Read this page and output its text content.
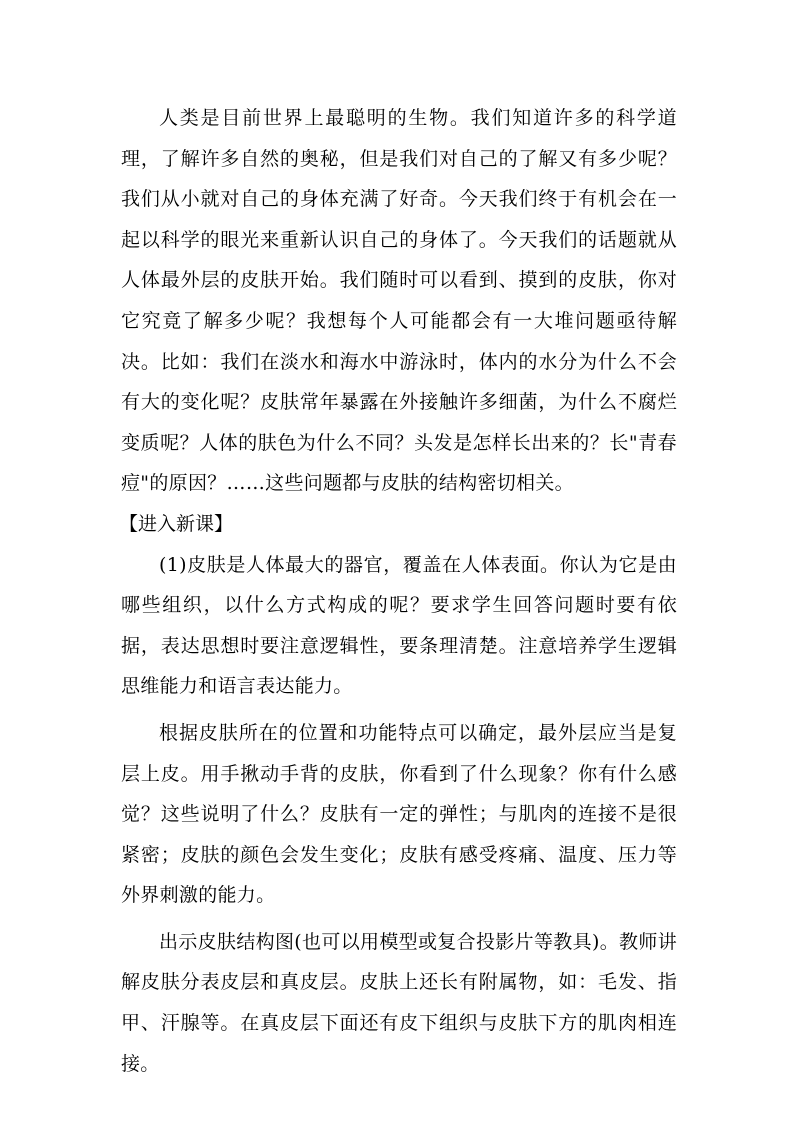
人类是目前世界上最聪明的生物。我们知道许多的科学道理，了解许多自然的奥秘，但是我们对自己的了解又有多少呢？我们从小就对自己的身体充满了好奇。今天我们终于有机会在一起以科学的眼光来重新认识自己的身体了。今天我们的话题就从人体最外层的皮肤开始。我们随时可以看到、摸到的皮肤，你对它究竟了解多少呢？我想每个人可能都会有一大堆问题亟待解决。比如：我们在淡水和海水中游泳时，体内的水分为什么不会有大的变化呢？皮肤常年暴露在外接触许多细菌，为什么不腐烂变质呢？人体的肤色为什么不同？头发是怎样长出来的？长"青春痘"的原因？……这些问题都与皮肤的结构密切相关。

【进入新课】

(1)皮肤是人体最大的器官，覆盖在人体表面。你认为它是由哪些组织，以什么方式构成的呢？要求学生回答问题时要有依据，表达思想时要注意逻辑性，要条理清楚。注意培养学生逻辑思维能力和语言表达能力。

根据皮肤所在的位置和功能特点可以确定，最外层应当是复层上皮。用手揪动手背的皮肤，你看到了什么现象？你有什么感觉？这些说明了什么？皮肤有一定的弹性；与肌肉的连接不是很紧密；皮肤的颜色会发生变化；皮肤有感受疼痛、温度、压力等外界刺激的能力。

出示皮肤结构图(也可以用模型或复合投影片等教具)。教师讲解皮肤分表皮层和真皮层。皮肤上还长有附属物，如：毛发、指甲、汗腺等。在真皮层下面还有皮下组织与皮肤下方的肌肉相连接。
